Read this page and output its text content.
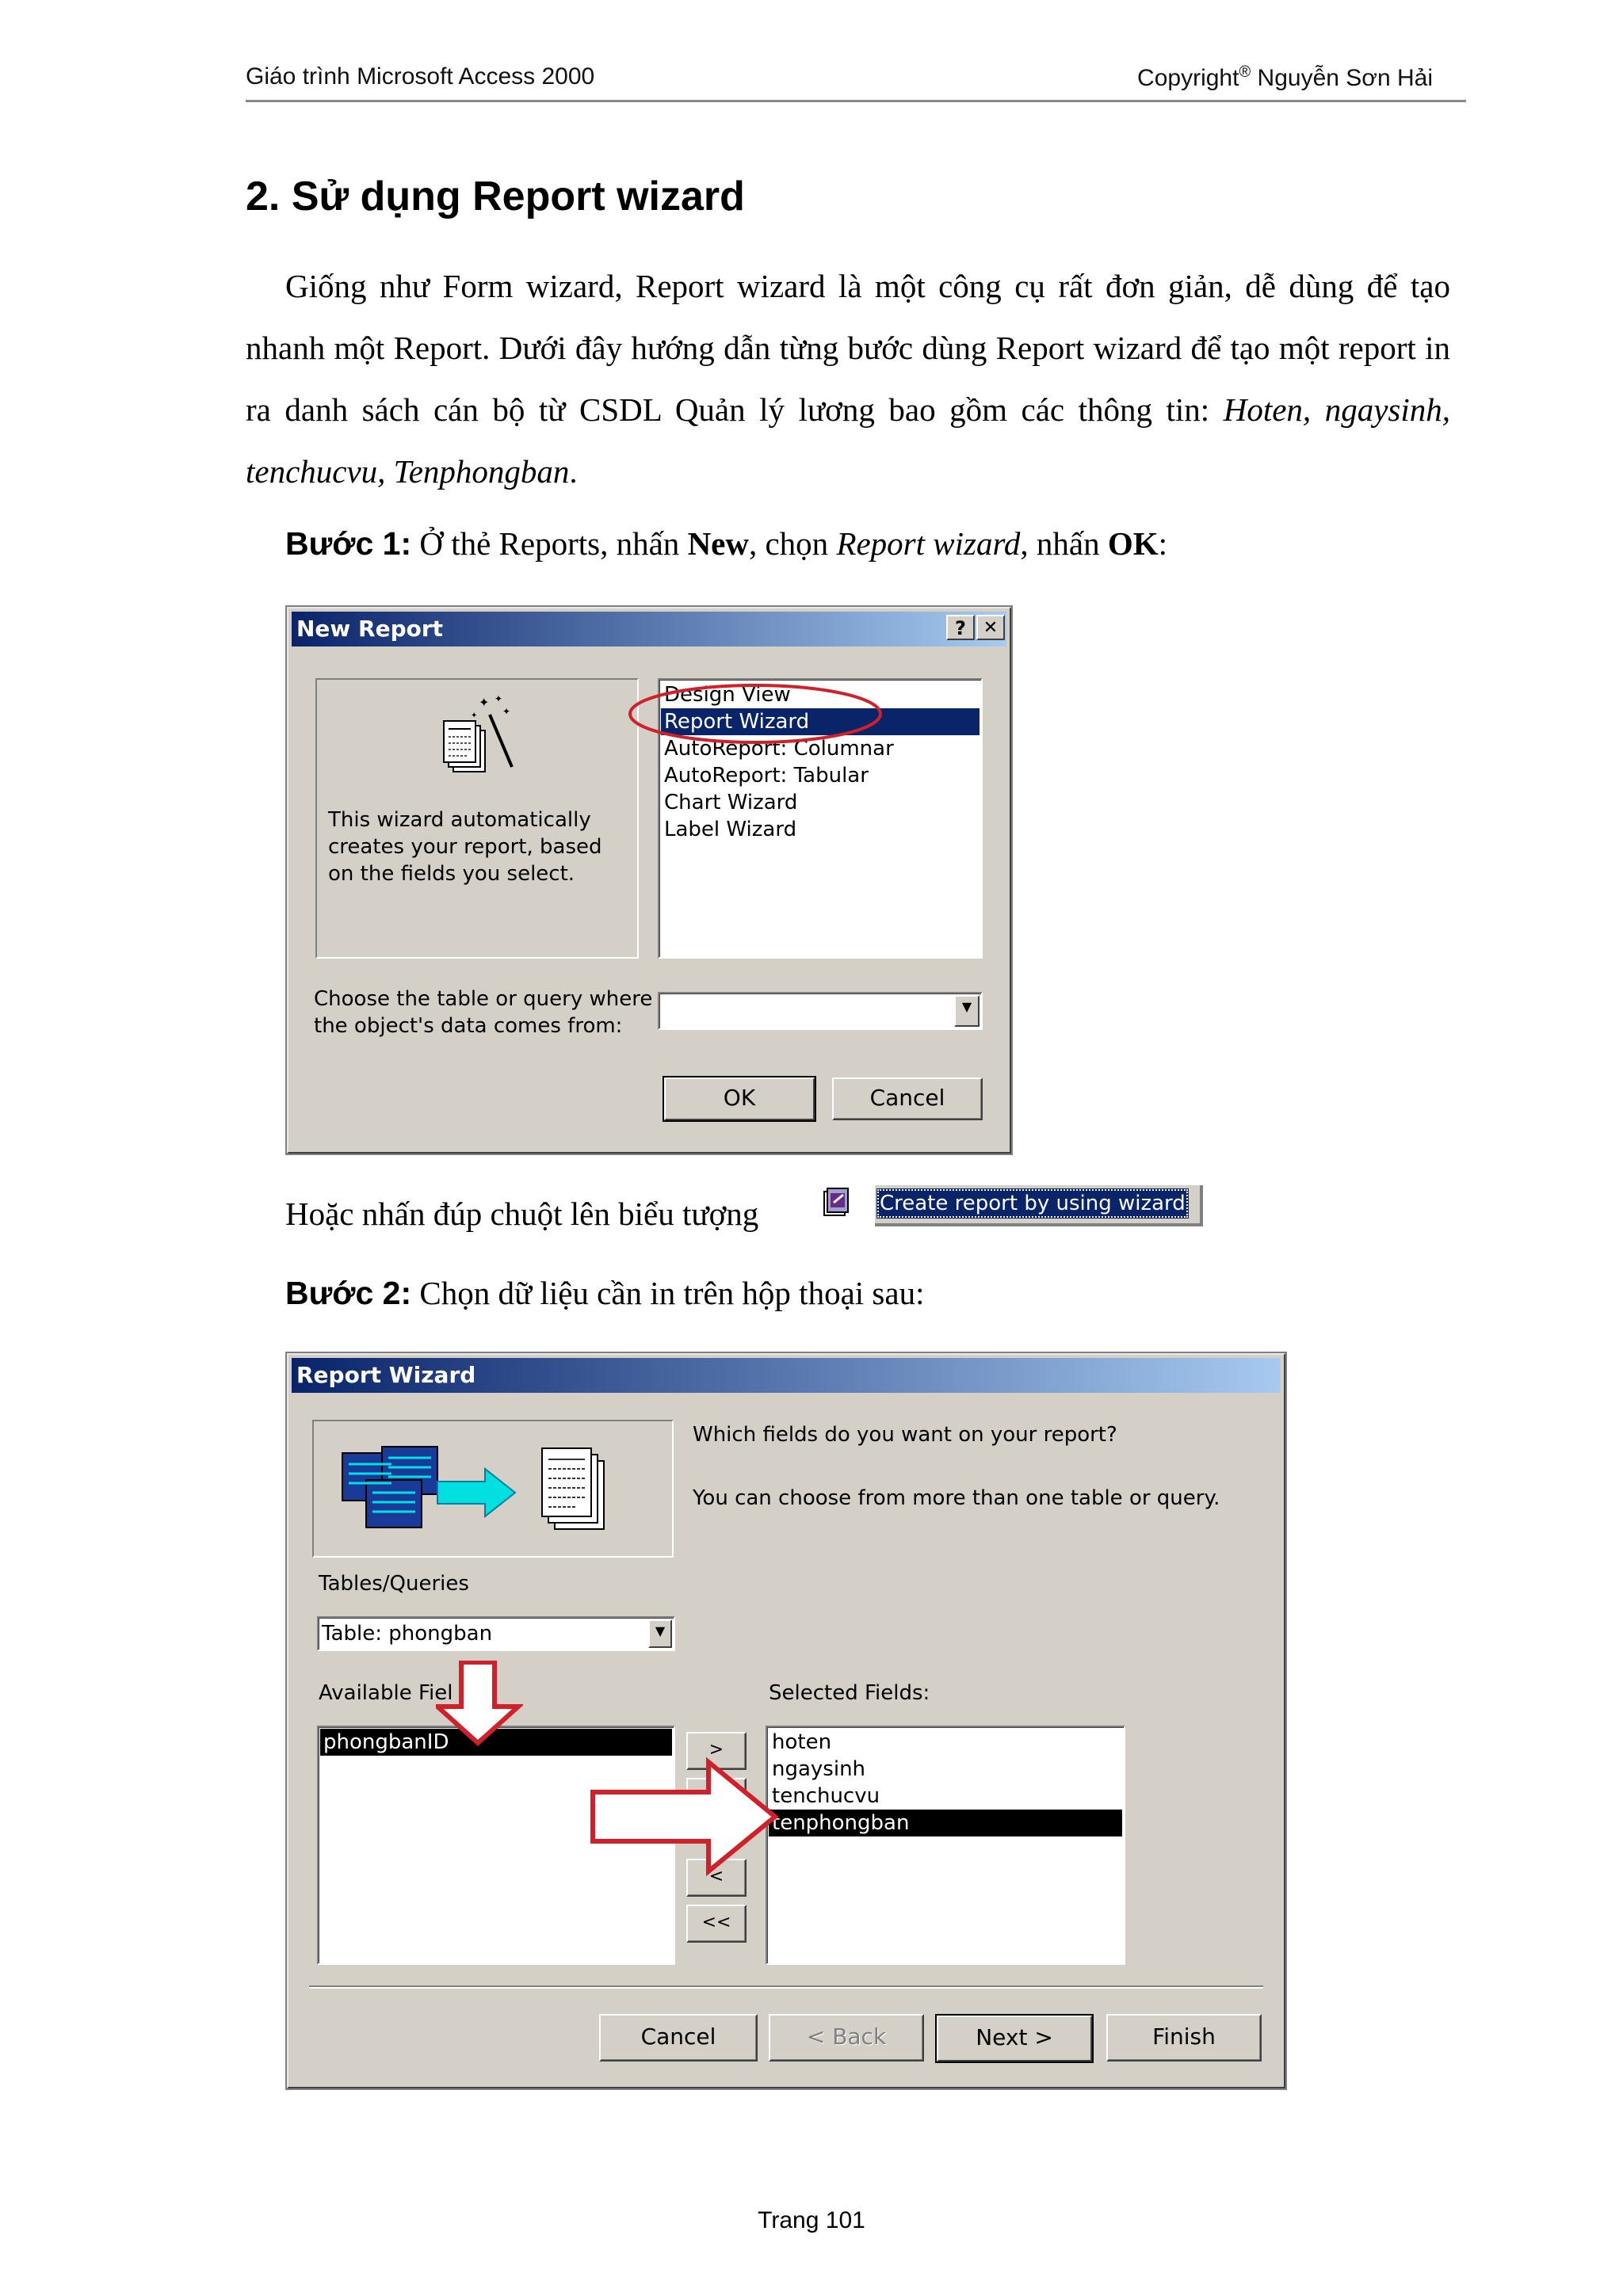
Giáo trình Microsoft Access 2000	Copyright® Nguyễn Sơn Hải
2. Sử dụng Report wizard

Giống như Form wizard, Report wizard là một công cụ rất đơn giản, dễ dùng để tạo nhanh một Report. Dưới đây hướng dẫn từng bước dùng Report wizard để tạo một report in ra danh sách cán bộ từ CSDL Quản lý lương bao gồm các thông tin: Hoten, ngaysinh, tenchucvu, Tenphongban.

Bước 1: Ở thẻ Reports, nhấn New, chọn Report wizard, nhấn OK:
New Report	? ✕
✦ ✦
✦
✦
This wizard automatically creates your report, based on the fields you select.
Design View
Report Wizard
AutoReport: Columnar
AutoReport: Tabular
Chart Wizard
Label Wizard
Choose the table or query where the object's data comes from:
▼
OK	Cancel
Hoặc nhấn đúp chuột lên biểu tượng	Create report by using wizard
Bước 2: Chọn dữ liệu cần in trên hộp thoại sau:
Report Wizard
Which fields do you want on your report?
You can choose from more than one table or query.
Tables/Queries
Table: phongban	▼
Available Fiel	Selected Fields:
phongbanID	>
<
<<
hoten
ngaysinh
tenchucvu
tenphongban
Cancel	< Back	Next >	Finish
Trang 101
